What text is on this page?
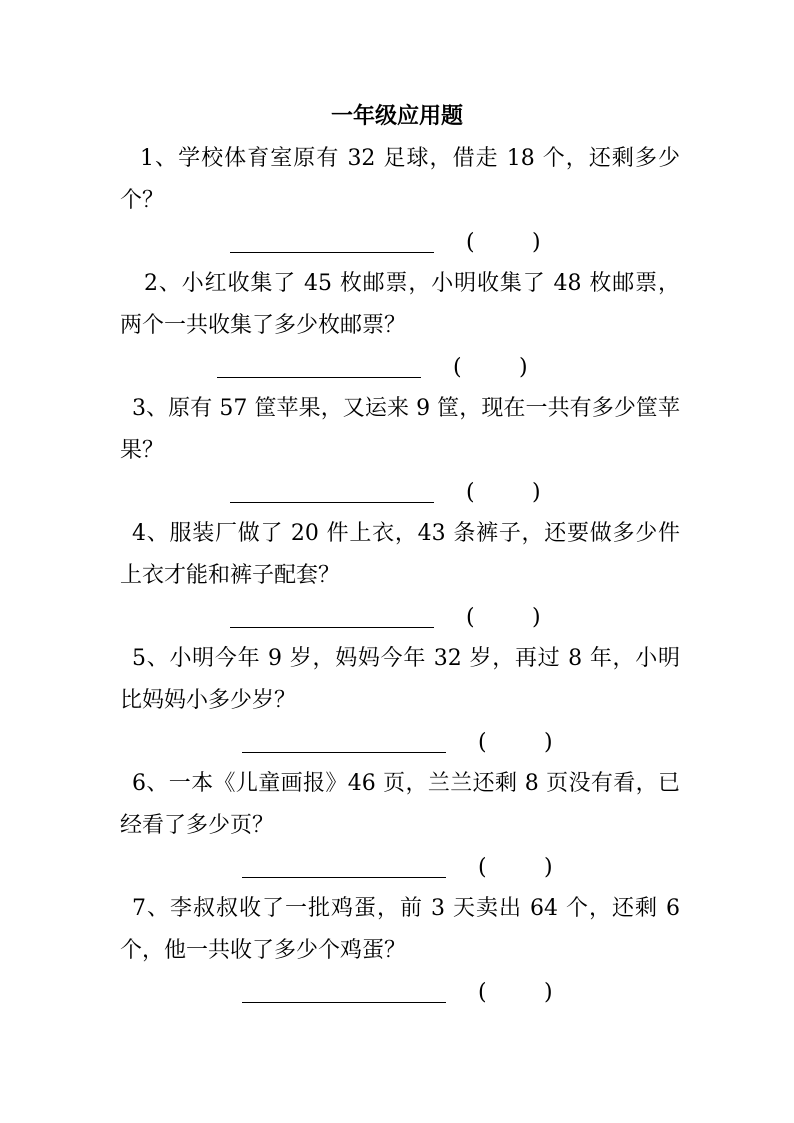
一年级应用题
1、学校体育室原有 32 足球，借走 18 个，还剩多少个？
(	)
2、小红收集了 45 枚邮票，小明收集了 48 枚邮票，两个一共收集了多少枚邮票？
(	)
3、原有 57 筐苹果，又运来 9 筐，现在一共有多少筐苹果？
(	)
4、服装厂做了 20 件上衣，43 条裤子，还要做多少件上衣才能和裤子配套？
(	)
5、小明今年 9 岁，妈妈今年 32 岁，再过 8 年，小明比妈妈小多少岁？
(	)
6、一本《儿童画报》46 页，兰兰还剩 8 页没有看，已经看了多少页？
(	)
7、李叔叔收了一批鸡蛋，前 3 天卖出 64 个，还剩 6 个，他一共收了多少个鸡蛋？
(	)
